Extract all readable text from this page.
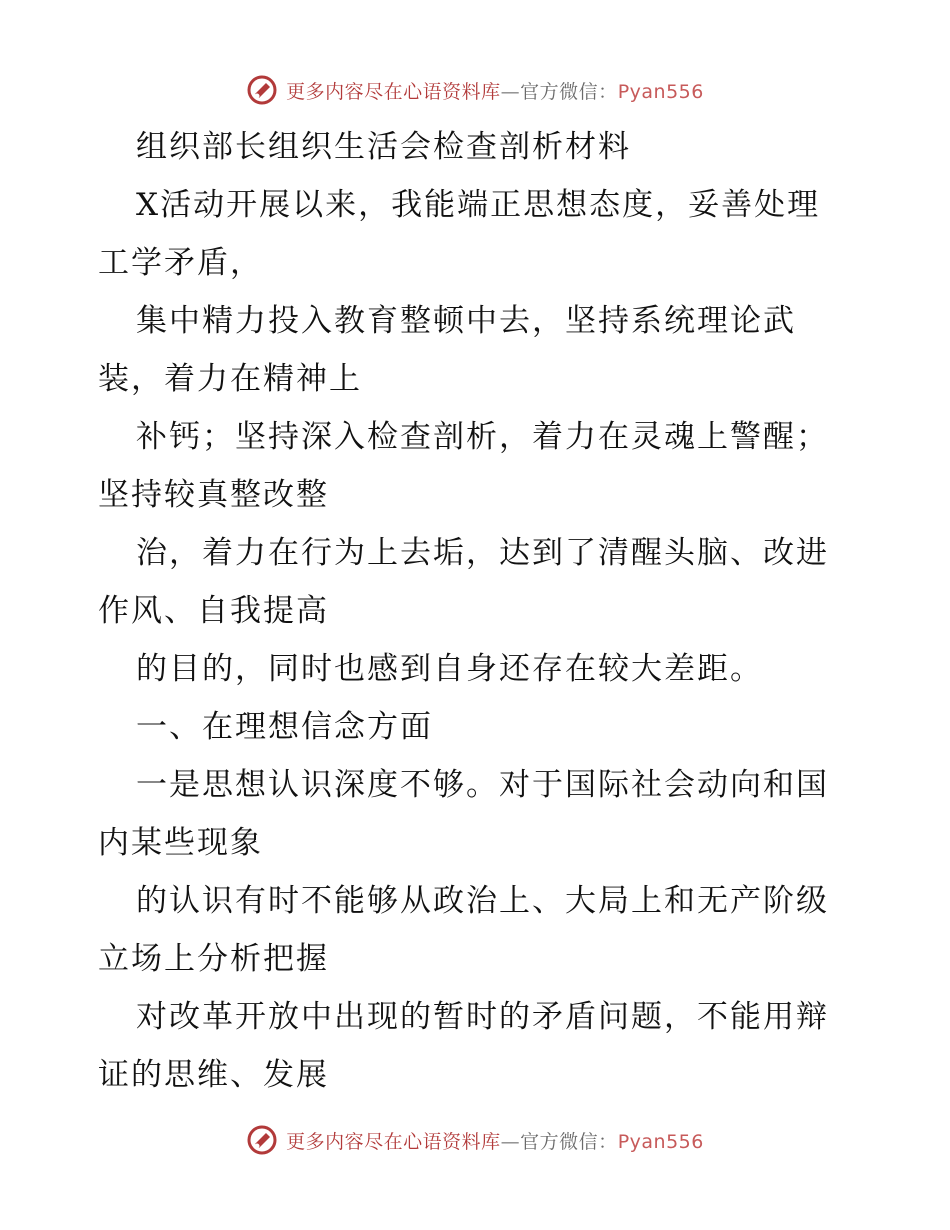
更多内容尽在心语资料库—官方微信：Pyan556
组织部长组织生活会检查剖析材料
X活动开展以来，我能端正思想态度，妥善处理
工学矛盾，
集中精力投入教育整顿中去，坚持系统理论武
装，着力在精神上
补钙；坚持深入检查剖析，着力在灵魂上警醒；
坚持较真整改整
治，着力在行为上去垢，达到了清醒头脑、改进
作风、自我提高
的目的，同时也感到自身还存在较大差距。
一、在理想信念方面
一是思想认识深度不够。对于国际社会动向和国
内某些现象
的认识有时不能够从政治上、大局上和无产阶级
立场上分析把握
对改革开放中出现的暂时的矛盾问题，不能用辩
证的思维、发展
更多内容尽在心语资料库—官方微信：Pyan556
